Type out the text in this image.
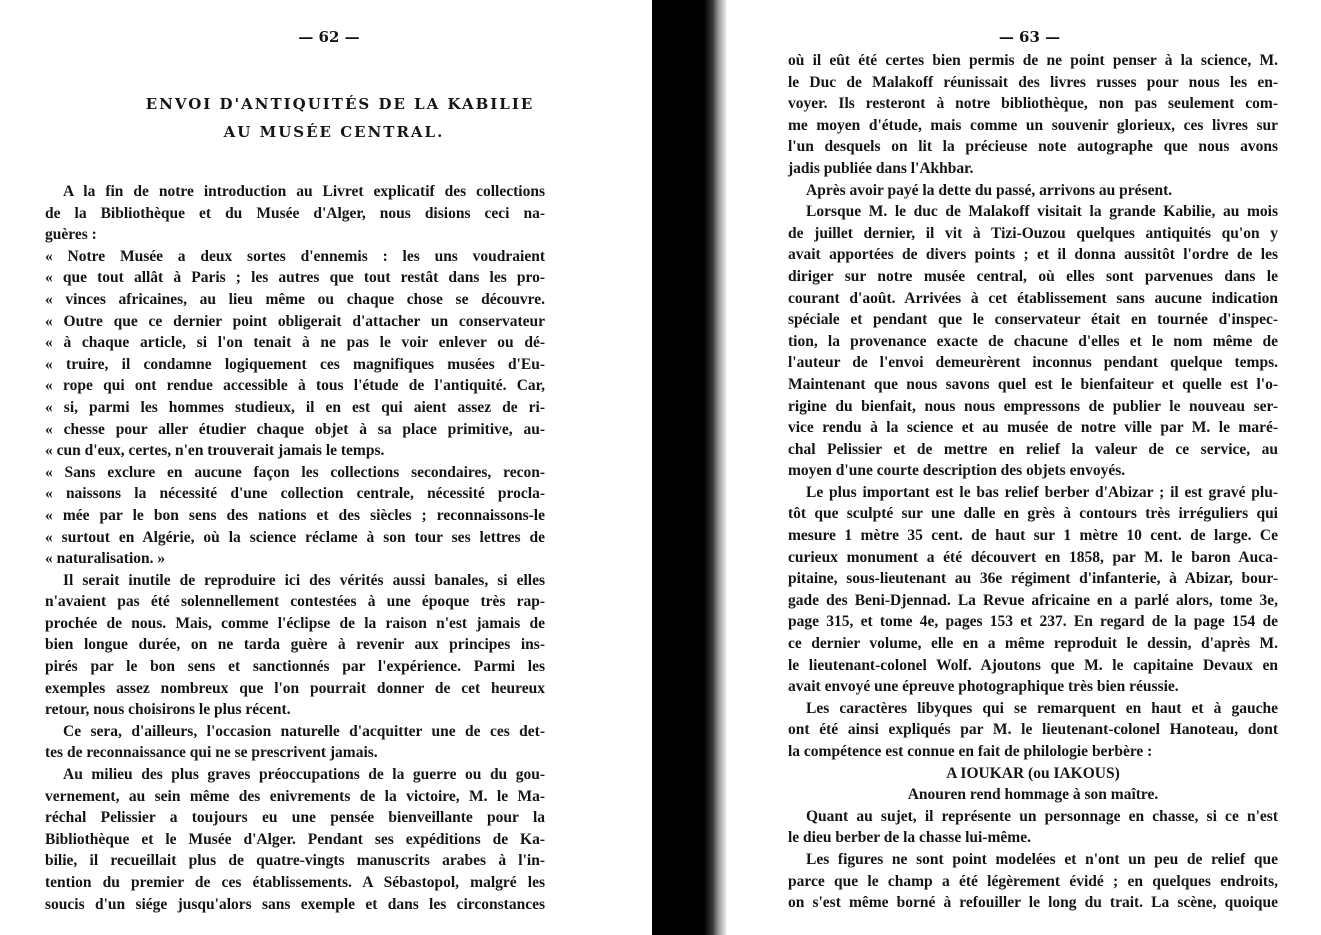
— 62 —
ENVOI D'ANTIQUITÉS DE LA KABILIE
AU MUSÉE CENTRAL.
A la fin de notre introduction au Livret explicatif des collections
de la Bibliothèque et du Musée d'Alger, nous disions ceci na-
guères :
« Notre Musée a deux sortes d'ennemis : les uns voudraient
« que tout allât à Paris ; les autres que tout restât dans les pro-
« vinces africaines, au lieu même ou chaque chose se découvre.
« Outre que ce dernier point obligerait d'attacher un conservateur
« à chaque article, si l'on tenait à ne pas le voir enlever ou dé-
« truire, il condamne logiquement ces magnifiques musées d'Eu-
« rope qui ont rendue accessible à tous l'étude de l'antiquité. Car,
« si, parmi les hommes studieux, il en est qui aient assez de ri-
« chesse pour aller étudier chaque objet à sa place primitive, au-
« cun d'eux, certes, n'en trouverait jamais le temps.
« Sans exclure en aucune façon les collections secondaires, recon-
« naissons la nécessité d'une collection centrale, nécessité procla-
« mée par le bon sens des nations et des siècles ; reconnaissons-le
« surtout en Algérie, où la science réclame à son tour ses lettres de
« naturalisation. »
Il serait inutile de reproduire ici des vérités aussi banales, si elles
n'avaient pas été solennellement contestées à une époque très rap-
prochée de nous. Mais, comme l'éclipse de la raison n'est jamais de
bien longue durée, on ne tarda guère à revenir aux principes ins-
pirés par le bon sens et sanctionnés par l'expérience. Parmi les
exemples assez nombreux que l'on pourrait donner de cet heureux
retour, nous choisirons le plus récent.
Ce sera, d'ailleurs, l'occasion naturelle d'acquitter une de ces det-
tes de reconnaissance qui ne se prescrivent jamais.
Au milieu des plus graves préoccupations de la guerre ou du gou-
vernement, au sein même des enivrements de la victoire, M. le Ma-
réchal Pelissier a toujours eu une pensée bienveillante pour la
Bibliothèque et le Musée d'Alger. Pendant ses expéditions de Ka-
bilie, il recueillait plus de quatre-vingts manuscrits arabes à l'in-
tention du premier de ces établissements. A Sébastopol, malgré les
soucis d'un siége jusqu'alors sans exemple et dans les circonstances
— 63 —
où il eût été certes bien permis de ne point penser à la science, M.
le Duc de Malakoff réunissait des livres russes pour nous les en-
voyer. Ils resteront à notre bibliothèque, non pas seulement com-
me moyen d'étude, mais comme un souvenir glorieux, ces livres sur
l'un desquels on lit la précieuse note autographe que nous avons
jadis publiée dans l'Akhbar.
Après avoir payé la dette du passé, arrivons au présent.
Lorsque M. le duc de Malakoff visitait la grande Kabilie, au mois
de juillet dernier, il vit à Tizi-Ouzou quelques antiquités qu'on y
avait apportées de divers points ; et il donna aussitôt l'ordre de les
diriger sur notre musée central, où elles sont parvenues dans le
courant d'août. Arrivées à cet établissement sans aucune indication
spéciale et pendant que le conservateur était en tournée d'inspec-
tion, la provenance exacte de chacune d'elles et le nom même de
l'auteur de l'envoi demeurèrent inconnus pendant quelque temps.
Maintenant que nous savons quel est le bienfaiteur et quelle est l'o-
rigine du bienfait, nous nous empressons de publier le nouveau ser-
vice rendu à la science et au musée de notre ville par M. le maré-
chal Pelissier et de mettre en relief la valeur de ce service, au
moyen d'une courte description des objets envoyés.
Le plus important est le bas relief berber d'Abizar ; il est gravé plu-
tôt que sculpté sur une dalle en grès à contours très irréguliers qui
mesure 1 mètre 35 cent. de haut sur 1 mètre 10 cent. de large. Ce
curieux monument a été découvert en 1858, par M. le baron Auca-
pitaine, sous-lieutenant au 36e régiment d'infanterie, à Abizar, bour-
gade des Beni-Djennad. La Revue africaine en a parlé alors, tome 3e,
page 315, et tome 4e, pages 153 et 237. En regard de la page 154 de
ce dernier volume, elle en a même reproduit le dessin, d'après M.
le lieutenant-colonel Wolf. Ajoutons que M. le capitaine Devaux en
avait envoyé une épreuve photographique très bien réussie.
Les caractères libyques qui se remarquent en haut et à gauche
ont été ainsi expliqués par M. le lieutenant-colonel Hanoteau, dont
la compétence est connue en fait de philologie berbère :
A IOUKAR (ou IAKOUS)
Anouren rend hommage à son maître.
Quant au sujet, il représente un personnage en chasse, si ce n'est
le dieu berber de la chasse lui-même.
Les figures ne sont point modelées et n'ont un peu de relief que
parce que le champ a été légèrement évidé ; en quelques endroits,
on s'est même borné à refouiller le long du trait. La scène, quoique
